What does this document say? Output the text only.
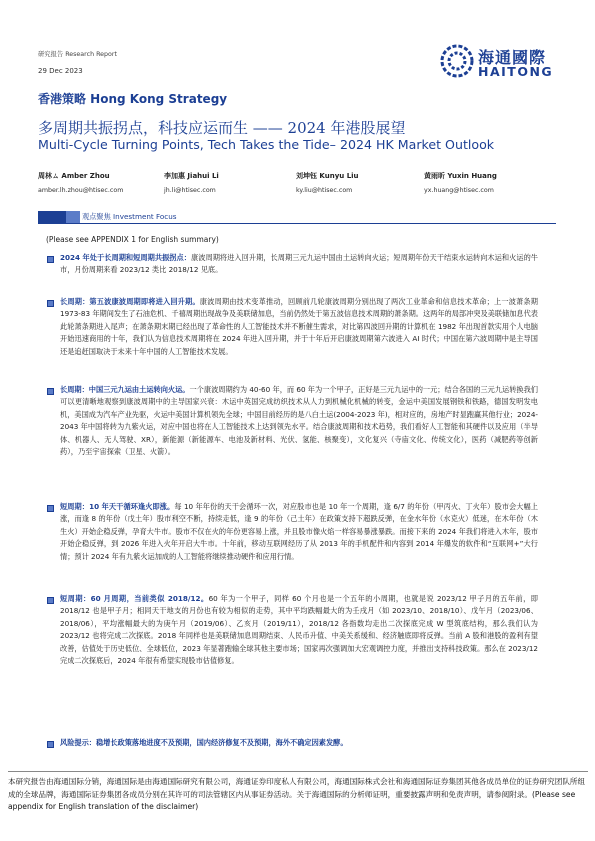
研究报告 Research Report
29 Dec 2023
海通國際
HAITONG
香港策略 Hong Kong Strategy
多周期共振拐点，科技应运而生 —— 2024 年港股展望
Multi-Cycle Turning Points, Tech Takes the Tide– 2024 HK Market Outlook
周林ㄙ Amber Zhou
amber.lh.zhou@htisec.com
李加惠 Jiahui Li
jh.li@htisec.com
刘坤钰 Kunyu Liu
ky.liu@htisec.com
黄雨昕 Yuxin Huang
yx.huang@htisec.com
观点聚焦 Investment Focus
(Please see APPENDIX 1 for English summary)
2024 年处于长周期和短周期共振拐点：康波周期将进入回升期，长周期三元九运中国由土运转向火运；短周期年份天干结束水运转向木运和火运的牛市，月份周期来看 2023/12 类比 2018/12 见底。
长周期：第五波康波周期即将进入回升期。康波周期由技术变革推动，回顾前几轮康波周期分别出现了两次工业革命和信息技术革命；上一波萧条期 1973-83 年期间发生了石油危机、千禧周期出现战争及美联储加息，当前仍然处于第五波信息技术周期的萧条期。这两年的局部冲突及美联储加息代表此轮萧条期进入尾声；在萧条期末期已经出现了革命性的人工智能技术并不断催生需求，对比第四波回升期的计算机在 1982 年出现首款实用个人电脑开始迅速商用的十年，我们认为信息技术周期将在 2024 年进入回升期，并于十年后开启康波周期第六波进入 AI 时代；中国在第六波周期中是主导国还是追赶国取决于未来十年中国的人工智能技术发展。
长周期：中国三元九运由土运转向火运。一个康波周期约为 40-60 年，而 60 年为一个甲子，正好是三元九运中的一元；结合各国的三元九运转换我们可以更清晰地观察到康波周期中的主导国家兴衰：木运中英国完成纺织技术从人力到机械化机械的转变，金运中美国发展钢铁和铁路，德国发明发电机，美国成为汽车产业先驱，火运中美国计算机领先全球；中国目前经历的是八白土运(2004-2023 年)，相对应的，房地产时显跑赢其他行业；2024-2043 年中国将转为九紫火运，对应中国也将在人工智能技术上达到领先水平。结合康波周期和技术趋势，我们看好人工智能和其硬件以及应用（半导体、机器人、无人驾驶、XR），新能源（新能源车、电池及新材料、光伏、氢能、核聚变），文化复兴（寺庙文化、传统文化），医药（减肥药等创新药），乃至宇宙探索（卫星、火箭）。
短周期：10 年天干循环逢火即涨。每 10 年年份的天干会循环一次，对应股市也是 10 年一个周期，逢 6/7 的年份（甲丙火、丁火年）股市会大幅上涨，而逢 8 的年份（戊土年）股市利空不断，持续走低，逢 9 的年份（己土年）在政策支持下超跌反弹，在金水年份（水克火）低迷，在木年份（木生火）开始企稳反弹，孕育大牛市。股市不仅在火的年份更容易上涨，并且股市像火焰一样容易暴涨暴跌。而接下来的 2024 年我们将进入木年，股市开始企稳反弹，到 2026 年进入火年开启大牛市。十年前，移动互联网经历了从 2013 年的手机配件和内容到 2014 年爆发的软件和“互联网+”大行情；预计 2024 年有九紫火运加成的人工智能将继续推动硬件和应用行情。
短周期：60 月周期，当前类似 2018/12。60 年为一个甲子，同样 60 个月也是一个五年的小周期，也就是说 2023/12 甲子月的五年前，即 2018/12 也是甲子月；相同天干地支的月份也有较为相似的走势，其中平均跌幅最大的为壬戌月（如 2023/10、2018/10）、戊午月（2023/06、2018/06），平均涨幅最大的为庚午月（2019/06）、乙亥月（2019/11），2018/12 各指数均走出二次探底完成 W 型筑底结构，那么我们认为 2023/12 也将完成二次探底。2018 年同样也是美联储加息周期结束、人民币升值、中美关系缓和、经济触底即将反弹。当前 A 股和港股的盈利有望改善，估值处于历史低位、全球低位，2023 年显著跑输全球其他主要市场；国家再次强调加大宏观调控力度，并推出支持科技政策。那么在 2023/12 完成二次探底后，2024 年很有希望实现股市估值修复。
风险提示：稳增长政策落地进度不及预期，国内经济修复不及预期，海外不确定因素发酵。
本研究报告由海通国际分销，海通国际是由海通国际研究有限公司，海通证券印度私人有限公司，海通国际株式会社和海通国际证券集团其他各成员单位的证券研究团队所组成的全球品牌，海通国际证券集团各成员分别在其许可的司法管辖区内从事证券活动。关于海通国际的分析师证明，重要披露声明和免责声明，请参阅附录。(Please see appendix for English translation of the disclaimer)
